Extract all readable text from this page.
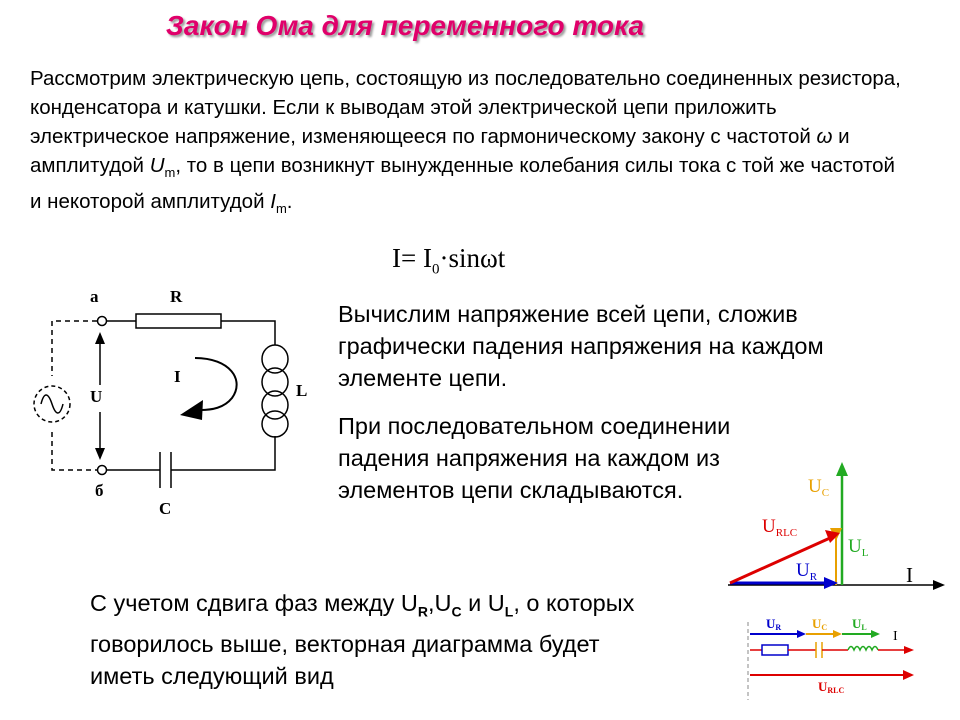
Закон Ома для переменного тока

Рассмотрим электрическую цепь, состоящую из последовательно соединенных резистора, конденсатора и катушки. Если к выводам этой электрической цепи приложить электрическое напряжение, изменяющееся по гармоническому закону с частотой ω и амплитудой $U_m$, то в цепи возникнут вынужденные колебания силы тока с той же частотой и некоторой амплитудой $I_m$.

$I= I_0\cdot\sin\omega t$
а	R
I
U	L
б
C
Вычислим напряжение всей цепи, сложив графически падения напряжения на каждом элементе цепи.
При последовательном соединении падения напряжения на каждом из элементов цепи складываются.
С учетом сдвига фаз между $U_R,U_C$ и $U_L$, о которых говорилось выше, векторная диаграмма будет иметь следующий вид
I
$U_L$
$U_C$
$U_R$
$U_{RLC}$
UR UC UL
I
URLC
